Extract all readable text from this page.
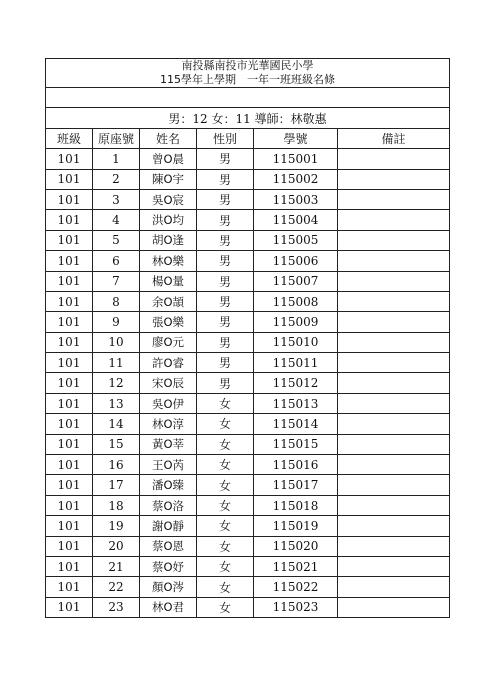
南投縣南投市光華國民小學
115學年上學期　一年一班班級名條					

男：12 女：11 導師：林敬惠					
班級	原座號	姓名	性別	學號	備註
101	1	曾O晨	男	115001	
101	2	陳O宇	男	115002	
101	3	吳O宸	男	115003	
101	4	洪O均	男	115004	
101	5	胡O逢	男	115005	
101	6	林O樂	男	115006	
101	7	楊O量	男	115007	
101	8	余O頡	男	115008	
101	9	張O樂	男	115009	
101	10	廖O元	男	115010	
101	11	許O睿	男	115011	
101	12	宋O辰	男	115012	
101	13	吳O伊	女	115013	
101	14	林O淳	女	115014	
101	15	黃O莘	女	115015	
101	16	王O芮	女	115016	
101	17	潘O臻	女	115017	
101	18	蔡O洛	女	115018	
101	19	謝O靜	女	115019	
101	20	蔡O恩	女	115020	
101	21	蔡O妤	女	115021	
101	22	顏O涔	女	115022	
101	23	林O君	女	115023	
